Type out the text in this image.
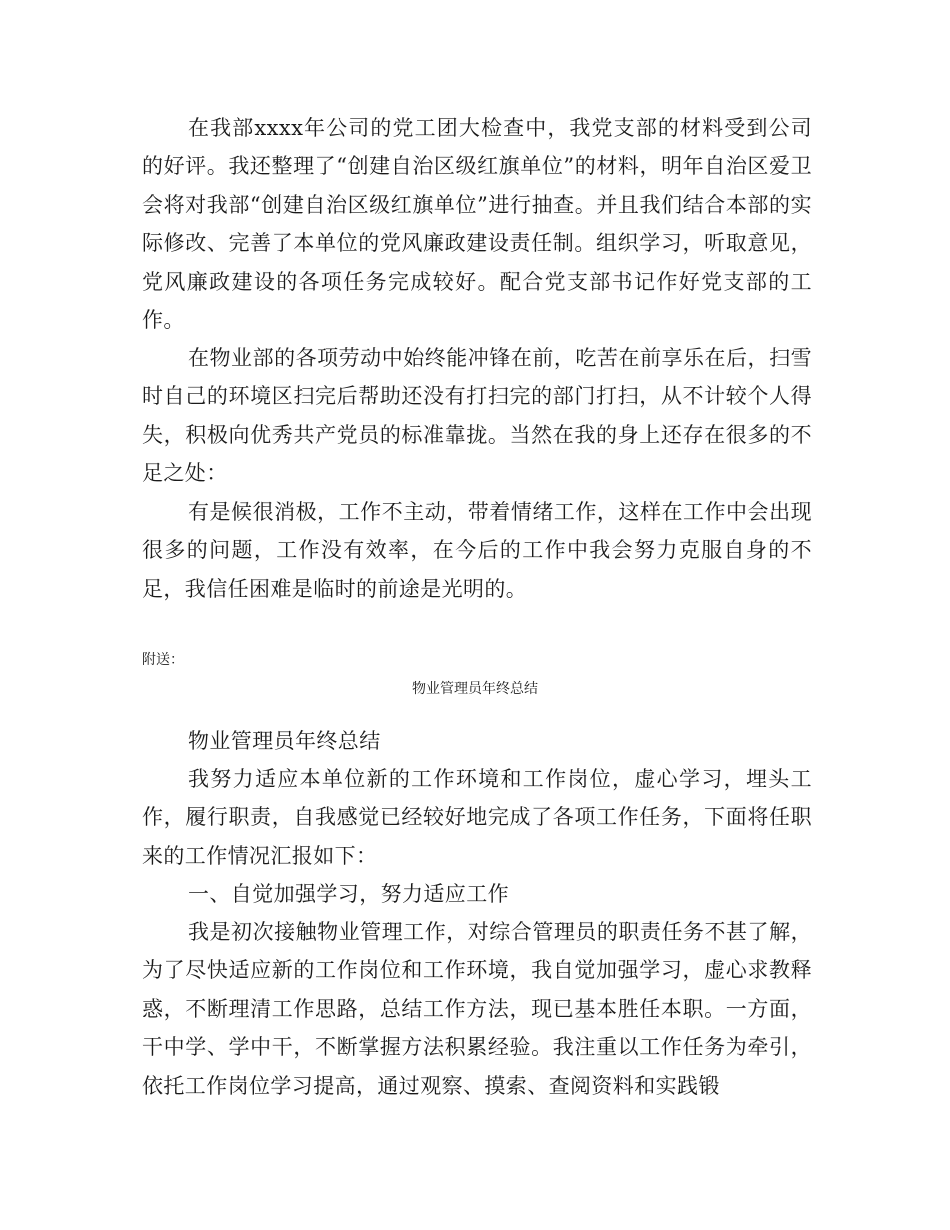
在我部xxxx年公司的党工团大检查中，我党支部的材料受到公司的好评。我还整理了“创建自治区级红旗单位”的材料，明年自治区爱卫会将对我部“创建自治区级红旗单位”进行抽查。并且我们结合本部的实际修改、完善了本单位的党风廉政建设责任制。组织学习，听取意见，党风廉政建设的各项任务完成较好。配合党支部书记作好党支部的工作。

在物业部的各项劳动中始终能冲锋在前，吃苦在前享乐在后，扫雪时自己的环境区扫完后帮助还没有打扫完的部门打扫，从不计较个人得失，积极向优秀共产党员的标准靠拢。当然在我的身上还存在很多的不足之处：

有是候很消极，工作不主动，带着情绪工作，这样在工作中会出现很多的问题，工作没有效率，在今后的工作中我会努力克服自身的不足，我信任困难是临时的前途是光明的。

附送：

物业管理员年终总结

物业管理员年终总结

我努力适应本单位新的工作环境和工作岗位，虚心学习，埋头工作，履行职责，自我感觉已经较好地完成了各项工作任务，下面将任职来的工作情况汇报如下：

一、自觉加强学习，努力适应工作

我是初次接触物业管理工作，对综合管理员的职责任务不甚了解，为了尽快适应新的工作岗位和工作环境，我自觉加强学习，虚心求教释惑，不断理清工作思路，总结工作方法，现已基本胜任本职。一方面，干中学、学中干，不断掌握方法积累经验。我注重以工作任务为牵引，依托工作岗位学习提高，通过观察、摸索、查阅资料和实践锻
